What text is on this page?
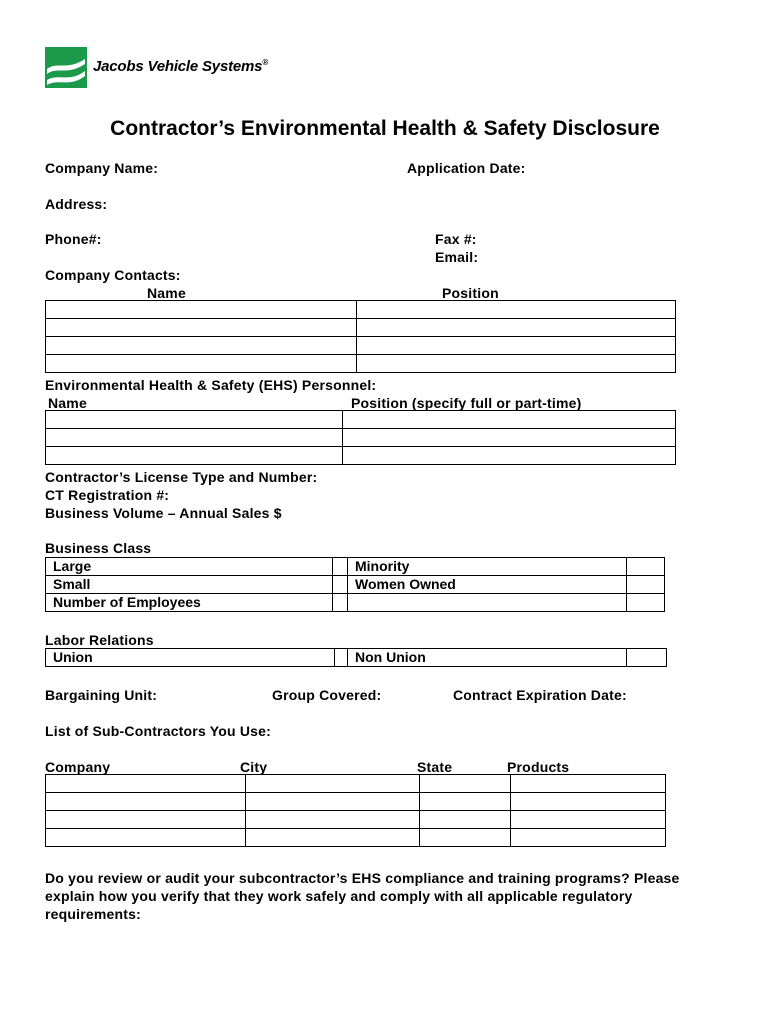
Jacobs Vehicle Systems®
Contractor’s Environmental Health & Safety Disclosure
Company Name:	Application Date:
Address:
Phone#:	Fax #:
Email:
Company Contacts:
Name	Position

Environmental Health & Safety (EHS) Personnel:
Name	Position (specify full or part-time)

Contractor’s License Type and Number:
CT Registration #:
Business Volume – Annual Sales $
Business Class
Large		Minority	
Small		Women Owned	
Number of Employees			
Labor Relations
Union		Non Union	
Bargaining Unit:	Group Covered:	Contract Expiration Date:
List of Sub-Contractors You Use:
Company	City	State	Products

Do you review or audit your subcontractor’s EHS compliance and training programs? Please explain how you verify that they work safely and comply with all applicable regulatory requirements:
